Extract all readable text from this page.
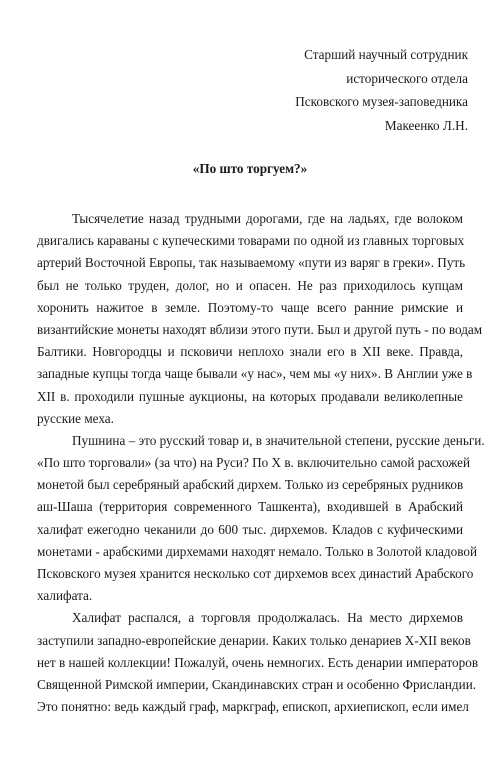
Старший научный сотрудник
исторического отдела
Псковского музея-заповедника
Макеенко Л.Н.
«По што торгуем?»
Тысячелетие назад трудными дорогами, где на ладьях, где волоком
двигались караваны с купеческими товарами по одной из главных торговых
артерий Восточной Европы, так называемому «пути из варяг в греки». Путь
был не только труден, долог, но и опасен. Не раз приходилось купцам
хоронить нажитое в земле. Поэтому-то чаще всего ранние римские и
византийские монеты находят вблизи этого пути. Был и другой путь - по водам
Балтики. Новгородцы и псковичи неплохо знали его в XII веке. Правда,
западные купцы тогда чаще бывали «у нас», чем мы «у них». В Англии уже в
XII в. проходили пушные аукционы, на которых продавали великолепные
русские меха.
Пушнина – это русский товар и, в значительной степени, русские деньги.
«По што торговали» (за что) на Руси? По X в. включительно самой расхожей
монетой был серебряный арабский дирхем. Только из серебряных рудников
аш-Шаша (территория современного Ташкента), входившей в Арабский
халифат ежегодно чеканили до 600 тыс. дирхемов. Кладов с куфическими
монетами - арабскими дирхемами находят немало. Только в Золотой кладовой
Псковского музея хранится несколько сот дирхемов всех династий Арабского
халифата.
Халифат распался, а торговля продолжалась. На место дирхемов
заступили западно-европейские денарии. Каких только денариев X-XII веков
нет в нашей коллекции! Пожалуй, очень немногих. Есть денарии императоров
Священной Римской империи, Скандинавских стран и особенно Фрисландии.
Это понятно: ведь каждый граф, маркграф, епископ, архиепископ, если имел
